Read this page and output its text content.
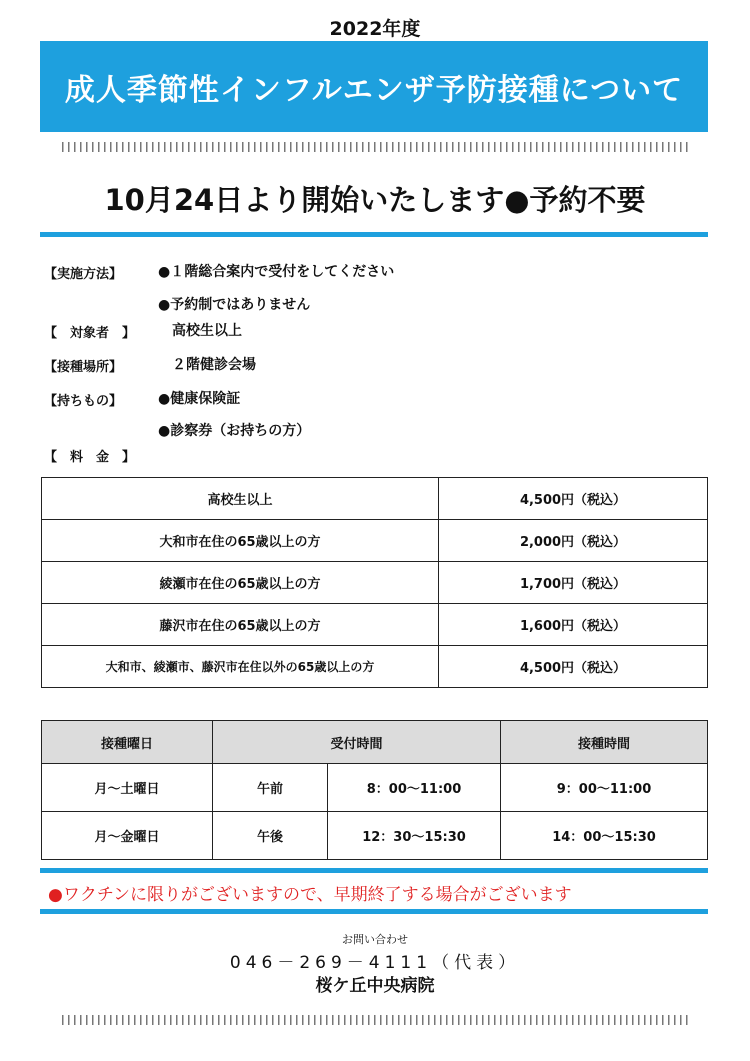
2022年度
成人季節性インフルエンザ予防接種について
10月24日より開始いたします●予約不要
【実施方法】	●１階総合案内で受付をしてください
●予約制ではありません
【　対象者　】	　高校生以上
【接種場所】	　２階健診会場
【持ちもの】	●健康保険証
●診察券（お持ちの方）
【　料　金　】
高校生以上	4,500円（税込）
大和市在住の65歳以上の方	2,000円（税込）
綾瀬市在住の65歳以上の方	1,700円（税込）
藤沢市在住の65歳以上の方	1,600円（税込）
大和市、綾瀬市、藤沢市在住以外の65歳以上の方	4,500円（税込）
接種曜日	受付時間		接種時間
月～土曜日	午前	8：00～11:00	9：00～11:00
月～金曜日	午後	12：30～15:30	14：00～15:30
●ワクチンに限りがございますので、早期終了する場合がございます
お問い合わせ
046－269－4111（代表）
桜ケ丘中央病院
